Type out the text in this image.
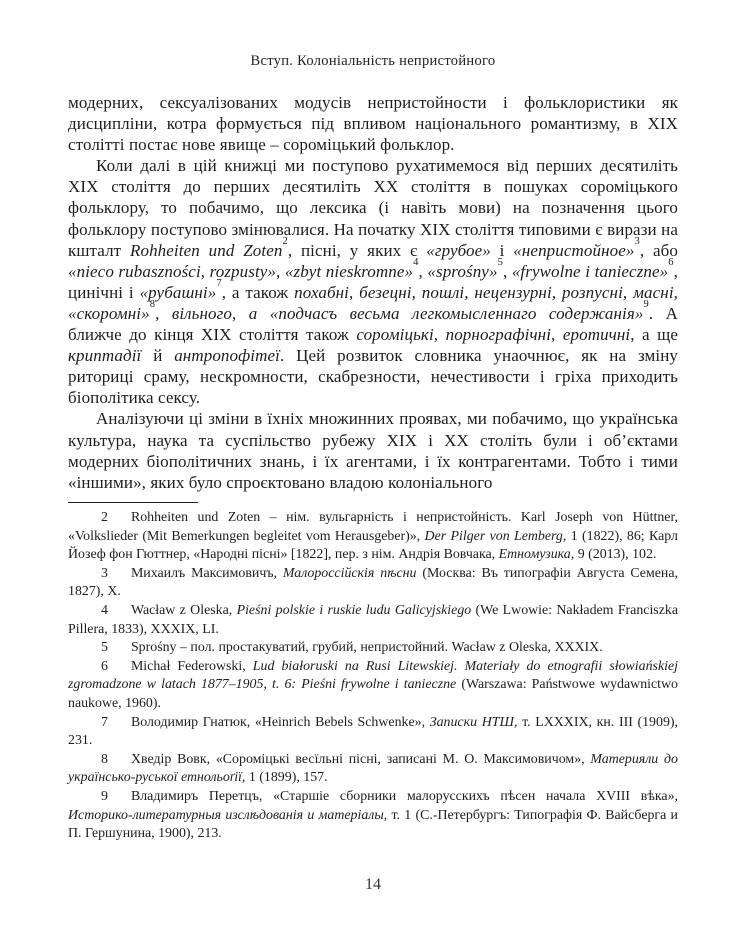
Вступ. Колоніальність непристойного

модерних, сексуалізованих модусів непристойности і фольклористики як дисципліни, котра формується під впливом національного романтизму, в XIX столітті постає нове явище – сороміцький фольклор.

Коли далі в цій книжці ми поступово рухатимемося від перших десятиліть XIX століття до перших десятиліть XX століття в пошуках сороміцького фольклору, то побачимо, що лексика (і навіть мови) на позначення цього фольклору поступово змінювалися. На початку XIX століття типовими є вирази на кшталт Rohheiten und Zoten$^2$, пісні, у яких є «грубое» і «непристойное»$^3$, або «nieco rubaszności, rozpusty», «zbyt nieskromne»$^4$, «sprośny»$^5$, «frywolne i tanieczne»$^6$, цинічні і «рубашні»$^7$, а також похабні, безецні, пошлі, нецензурні, розпусні, масні, «скоромні»$^8$, вільного, а «подчасъ весьма легкомысленнаго содержанія»$^9$. А ближче до кінця XIX століття також сороміцькі, порнографічні, еротичні, а ще криптадії й антропофітеї. Цей розвиток словника унаочнює, як на зміну риториці сраму, нескромности, скабрезности, нечестивости і гріха приходить біополітика сексу.

Аналізуючи ці зміни в їхніх множинних проявах, ми побачимо, що українська культура, наука та суспільство рубежу XIX і XX століть були і об’єктами модерних біополітичних знань, і їх агентами, і їх контрагентами. Тобто і тими «іншими», яких було спроєктовано владою колоніального

2 Rohheiten und Zoten – нім. вульгарність і непристойність. Karl Joseph von Hüttner, «Volkslieder (Mit Bemerkungen begleitet vom Herausgeber)», Der Pilger von Lemberg, 1 (1822), 86; Карл Йозеф фон Гюттнер, «Народні пісні» [1822], пер. з нім. Андрія Вовчака, Етномузика, 9 (2013), 102.

3 Михаилъ Максимовичъ, Малороссійскія пѣсни (Москва: Въ типографіи Августа Семена, 1827), X.

4 Wacław z Oleska, Pieśni polskie i ruskie ludu Galicyjskiego (We Lwowie: Nakładem Franciszka Pillera, 1833), XXXIX, LI.

5 Sprośny – пол. простакуватий, грубий, непристойний. Wacław z Oleska, XXXIX.

6 Michał Federowski, Lud białoruski na Rusi Litewskiej. Materiały do etnografii słowiańskiej zgromadzone w latach 1877–1905, t. 6: Pieśni frywolne i tanieczne (Warszawa: Państwowe wydawnictwo naukowe, 1960).

7 Володимир Гнатюк, «Heinrich Bebels Schwenke», Записки НТШ, т. LXXXIX, кн. III (1909), 231.

8 Хведір Вовк, «Сороміцькі весїльні пісні, записані М. О. Максимовичом», Материяли до українсько-руської етнольоґії, 1 (1899), 157.

9 Владимиръ Перетцъ, «Старшіе сборники малорусскихъ пѣсен начала XVIII вѣка», Историко-литературныя изслѣдованія и матеріалы, т. 1 (С.-Петербургъ: Типографія Ф. Вайсберга и П. Гершунина, 1900), 213.

14
